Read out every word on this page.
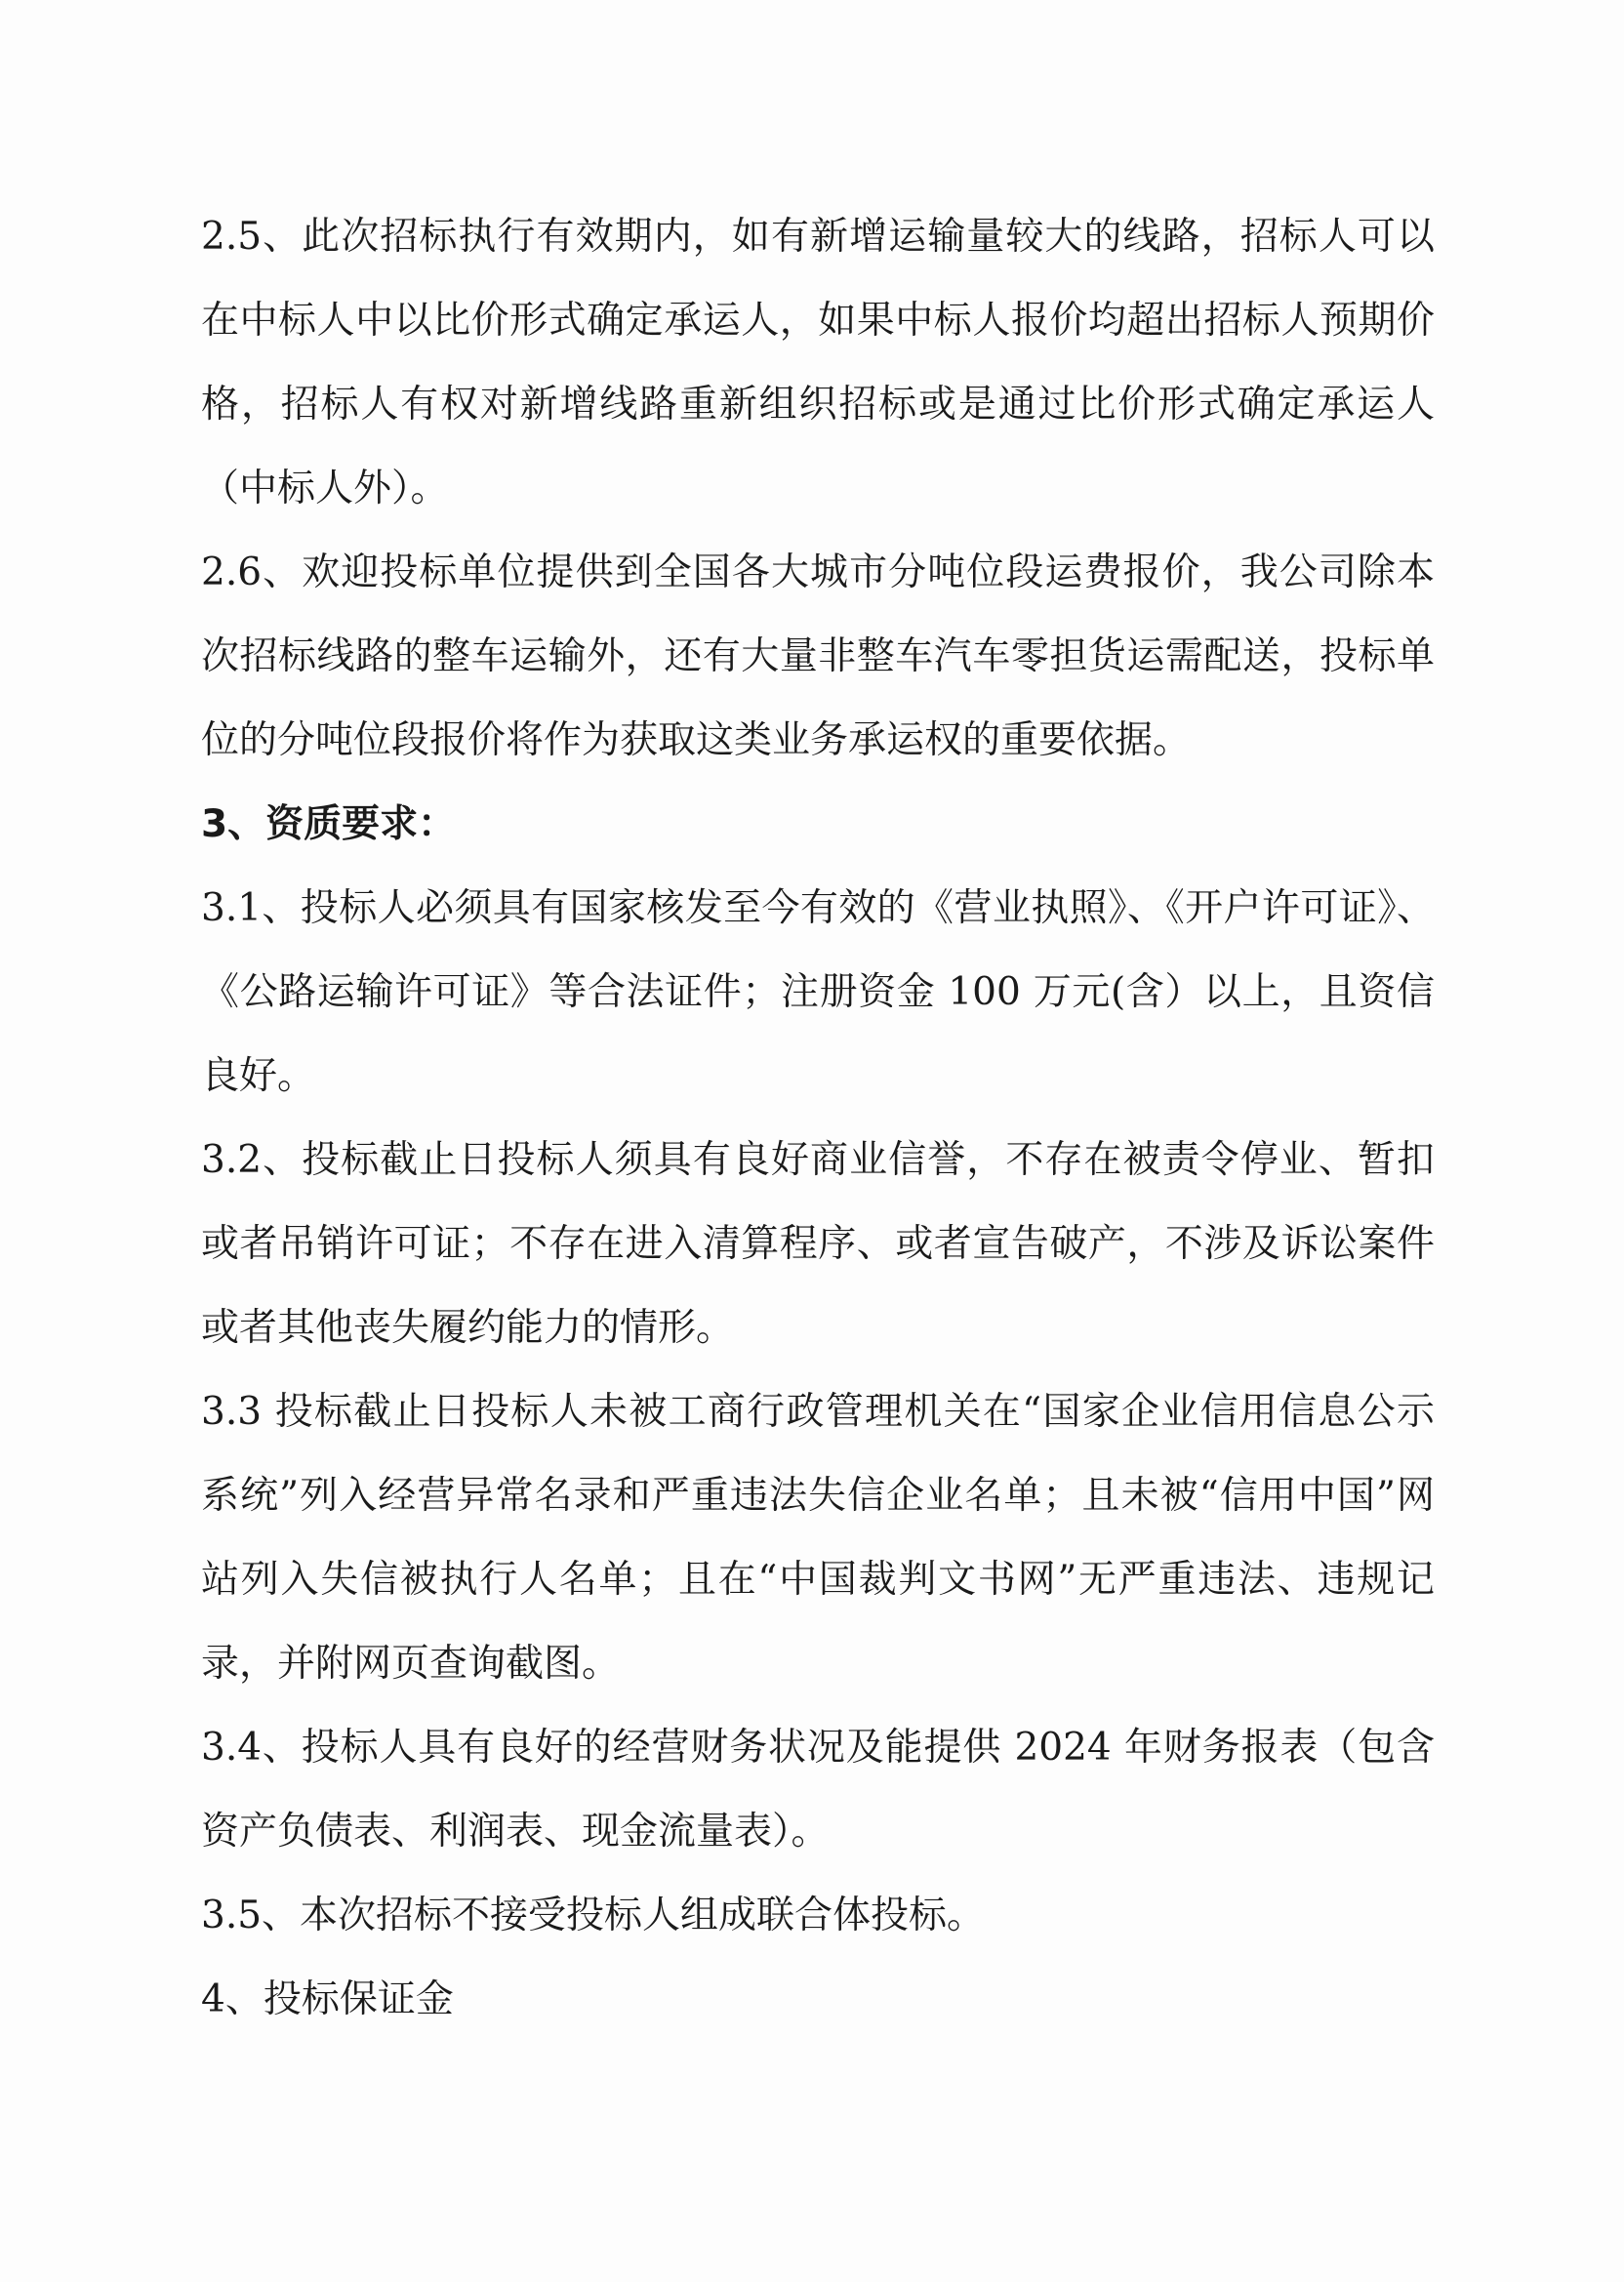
2.5、此次招标执行有效期内，如有新增运输量较大的线路，招标人可以在中标人中以比价形式确定承运人，如果中标人报价均超出招标人预期价格，招标人有权对新增线路重新组织招标或是通过比价形式确定承运人（中标人外）。

2.6、欢迎投标单位提供到全国各大城市分吨位段运费报价，我公司除本次招标线路的整车运输外，还有大量非整车汽车零担货运需配送，投标单位的分吨位段报价将作为获取这类业务承运权的重要依据。

3、资质要求：

3.1、投标人必须具有国家核发至今有效的《营业执照》、《开户许可证》、《公路运输许可证》等合法证件；注册资金 100 万元(含）以上，且资信良好。

3.2、投标截止日投标人须具有良好商业信誉，不存在被责令停业、暂扣或者吊销许可证；不存在进入清算程序、或者宣告破产，不涉及诉讼案件或者其他丧失履约能力的情形。

3.3 投标截止日投标人未被工商行政管理机关在“国家企业信用信息公示系统”列入经营异常名录和严重违法失信企业名单；且未被“信用中国”网站列入失信被执行人名单；且在“中国裁判文书网”无严重违法、违规记录，并附网页查询截图。

3.4、投标人具有良好的经营财务状况及能提供 2024 年财务报表（包含资产负债表、利润表、现金流量表）。

3.5、本次招标不接受投标人组成联合体投标。

4、投标保证金
